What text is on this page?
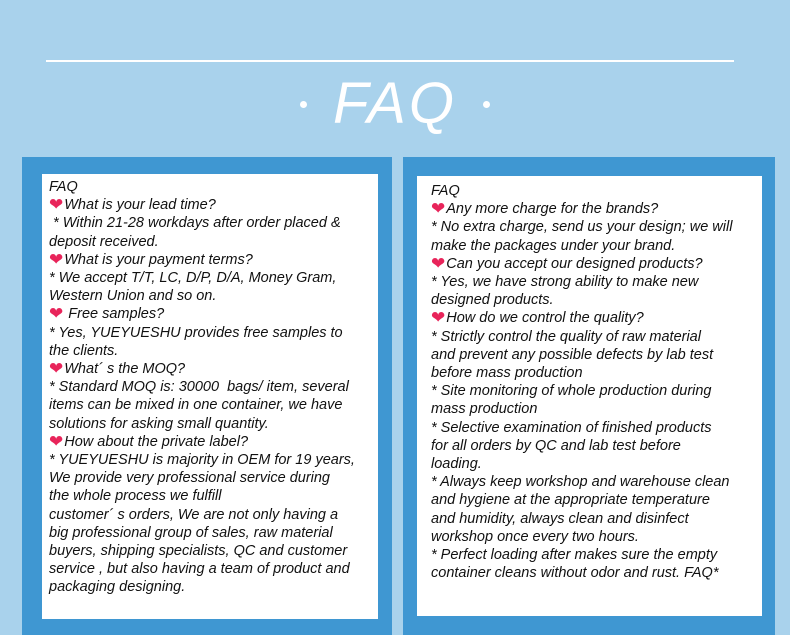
FAQ
FAQ
❤What is your lead time?
* Within 21-28 workdays after order placed &
deposit received.
❤What is your payment terms?
* We accept T/T, LC, D/P, D/A, Money Gram,
Western Union and so on.
❤ Free samples?
* Yes, YUEYUESHU provides free samples to
the clients.
❤What´ s the MOQ?
* Standard MOQ is: 30000  bags/ item, several
items can be mixed in one container, we have
solutions for asking small quantity.
❤How about the private label?
* YUEYUESHU is majority in OEM for 19 years,
We provide very professional service during
the whole process we fulfill
customer´ s orders, We are not only having a
big professional group of sales, raw material
buyers, shipping specialists, QC and customer
service , but also having a team of product and
packaging designing.
FAQ
❤Any more charge for the brands?
* No extra charge, send us your design; we will
make the packages under your brand.
❤Can you accept our designed products?
* Yes, we have strong ability to make new
designed products.
❤How do we control the quality?
* Strictly control the quality of raw material
and prevent any possible defects by lab test
before mass production
* Site monitoring of whole production during
mass production
* Selective examination of finished products
for all orders by QC and lab test before
loading.
* Always keep workshop and warehouse clean
and hygiene at the appropriate temperature
and humidity, always clean and disinfect
workshop once every two hours.
* Perfect loading after makes sure the empty
container cleans without odor and rust. FAQ*
